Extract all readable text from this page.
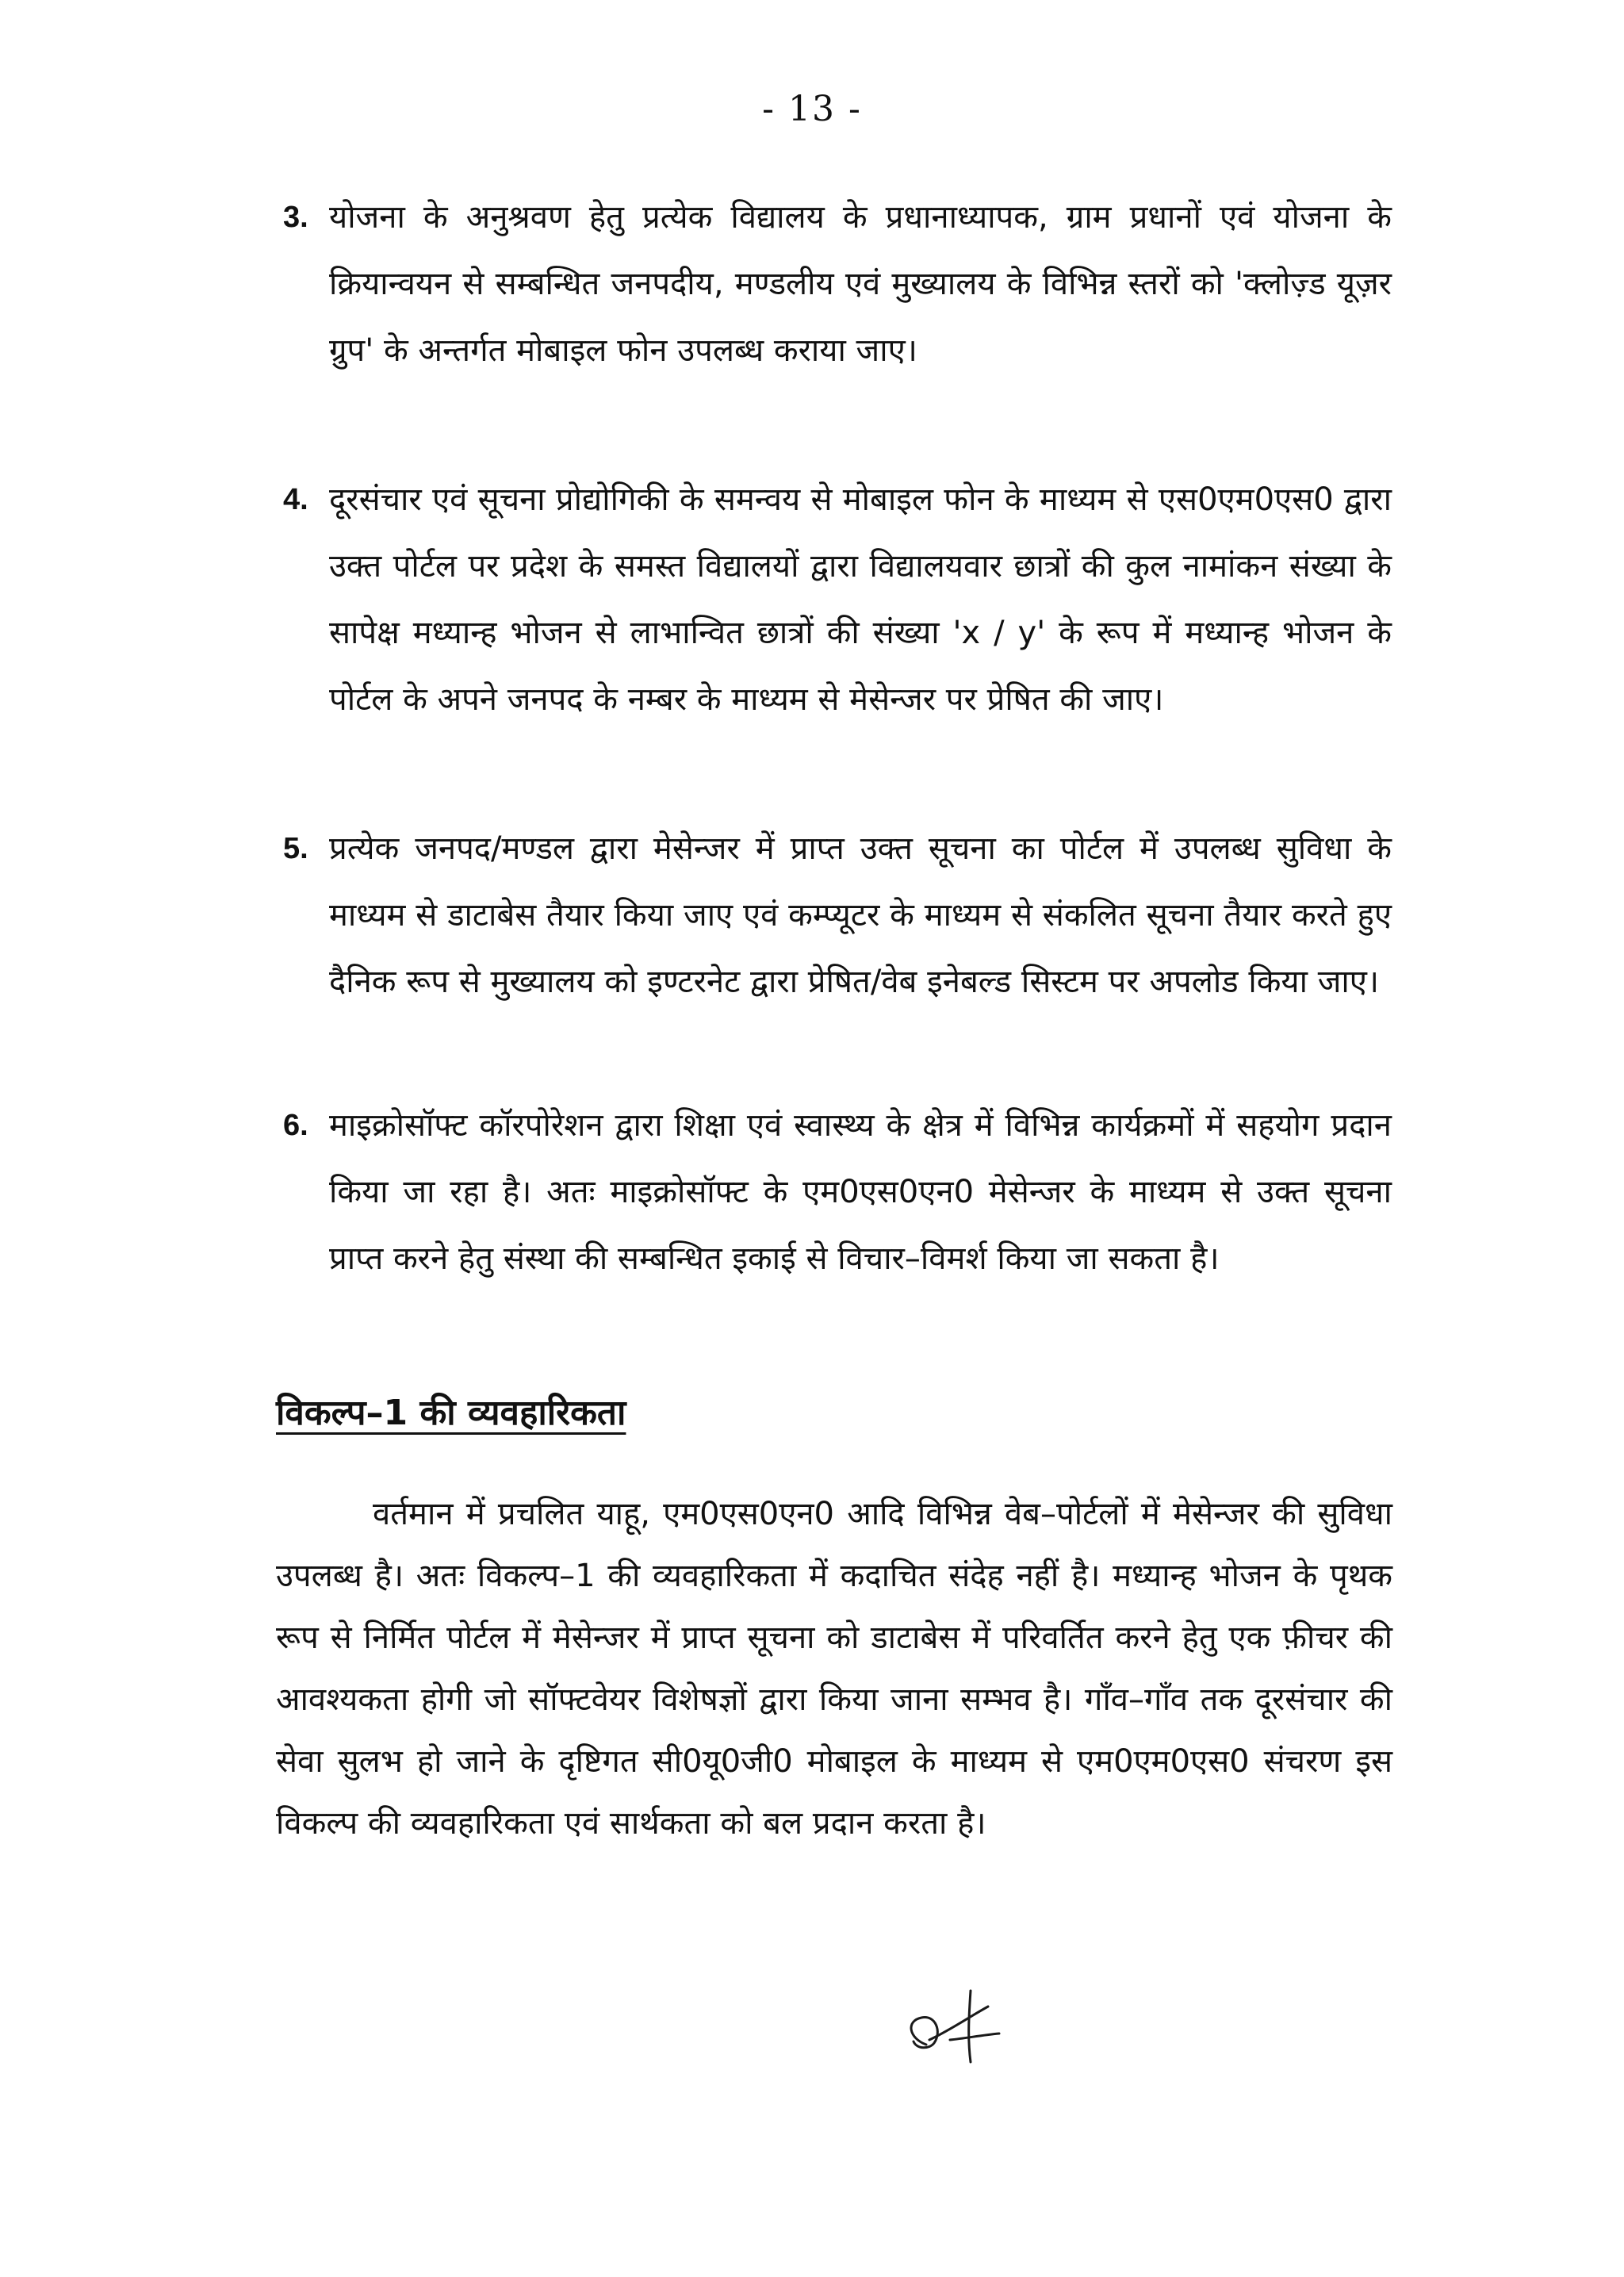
- 13 -
3. योजना के अनुश्रवण हेतु प्रत्येक विद्यालय के प्रधानाध्यापक, ग्राम प्रधानों एवं योजना के क्रियान्वयन से सम्बन्धित जनपदीय, मण्डलीय एवं मुख्यालय के विभिन्न स्तरों को 'क्लोज़्ड यूज़र ग्रुप' के अन्तर्गत मोबाइल फोन उपलब्ध कराया जाए।
4. दूरसंचार एवं सूचना प्रोद्योगिकी के समन्वय से मोबाइल फोन के माध्यम से एस0एम0एस0 द्वारा उक्त पोर्टल पर प्रदेश के समस्त विद्यालयों द्वारा विद्यालयवार छात्रों की कुल नामांकन संख्या के सापेक्ष मध्यान्ह भोजन से लाभान्वित छात्रों की संख्या 'x / y' के रूप में मध्यान्ह भोजन के पोर्टल के अपने जनपद के नम्बर के माध्यम से मेसेन्जर पर प्रेषित की जाए।
5. प्रत्येक जनपद/मण्डल द्वारा मेसेन्जर में प्राप्त उक्त सूचना का पोर्टल में उपलब्ध सुविधा के माध्यम से डाटाबेस तैयार किया जाए एवं कम्प्यूटर के माध्यम से संकलित सूचना तैयार करते हुए दैनिक रूप से मुख्यालय को इण्टरनेट द्वारा प्रेषित/वेब इनेबल्ड सिस्टम पर अपलोड किया जाए।
6. माइक्रोसॉफ्ट कॉरपोरेशन द्वारा शिक्षा एवं स्वास्थ्य के क्षेत्र में विभिन्न कार्यक्रमों में सहयोग प्रदान किया जा रहा है। अतः माइक्रोसॉफ्ट के एम0एस0एन0 मेसेन्जर के माध्यम से उक्त सूचना प्राप्त करने हेतु संस्था की सम्बन्धित इकाई से विचार–विमर्श किया जा सकता है।
विकल्प–1 की व्यवहारिकता
वर्तमान में प्रचलित याहू, एम0एस0एन0 आदि विभिन्न वेब–पोर्टलों में मेसेन्जर की सुविधा उपलब्ध है। अतः विकल्प–1 की व्यवहारिकता में कदाचित संदेह नहीं है। मध्यान्ह भोजन के पृथक रूप से निर्मित पोर्टल में मेसेन्जर में प्राप्त सूचना को डाटाबेस में परिवर्तित करने हेतु एक फ़ीचर की आवश्यकता होगी जो सॉफ्टवेयर विशेषज्ञों द्वारा किया जाना सम्भव है। गाँव–गाँव तक दूरसंचार की सेवा सुलभ हो जाने के दृष्टिगत सी0यू0जी0 मोबाइल के माध्यम से एम0एम0एस0 संचरण इस विकल्प की व्यवहारिकता एवं सार्थकता को बल प्रदान करता है।
